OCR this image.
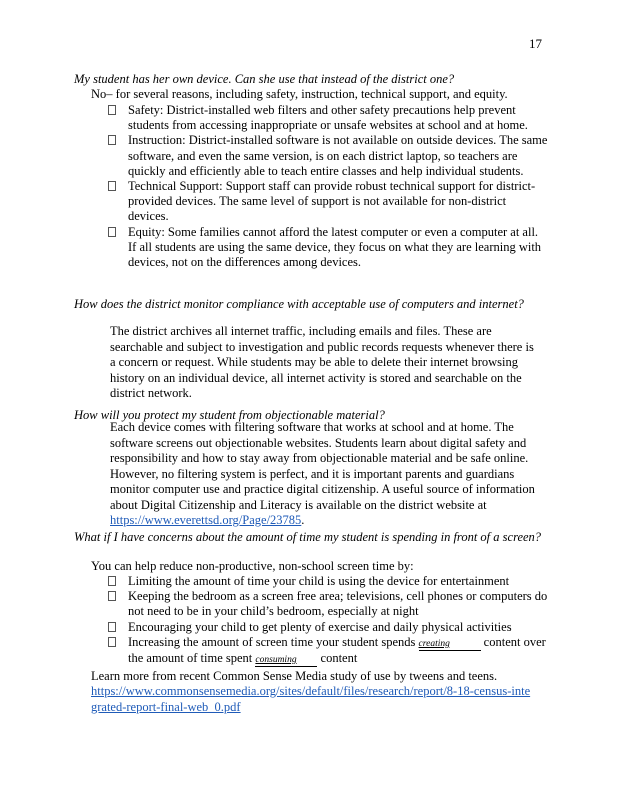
17
My student has her own device. Can she use that instead of the district one?
No– for several reasons, including safety, instruction, technical support, and equity.
Safety: District-installed web filters and other safety precautions help prevent students from accessing inappropriate or unsafe websites at school and at home.
Instruction: District-installed software is not available on outside devices. The same software, and even the same version, is on each district laptop, so teachers are quickly and efficiently able to teach entire classes and help individual students.
Technical Support: Support staff can provide robust technical support for district-provided devices. The same level of support is not available for non-district devices.
Equity: Some families cannot afford the latest computer or even a computer at all. If all students are using the same device, they focus on what they are learning with devices, not on the differences among devices.
How does the district monitor compliance with acceptable use of computers and internet?
The district archives all internet traffic, including emails and files. These are searchable and subject to investigation and public records requests whenever there is a concern or request. While students may be able to delete their internet browsing history on an individual device, all internet activity is stored and searchable on the district network.
How will you protect my student from objectionable material?
Each device comes with filtering software that works at school and at home. The software screens out objectionable websites. Students learn about digital safety and responsibility and how to stay away from objectionable material and be safe online. However, no filtering system is perfect, and it is important parents and guardians monitor computer use and practice digital citizenship. A useful source of information about Digital Citizenship and Literacy is available on the district website at https://www.everettsd.org/Page/23785.
What if I have concerns about the amount of time my student is spending in front of a screen?
You can help reduce non-productive, non-school screen time by:
Limiting the amount of time your child is using the device for entertainment
Keeping the bedroom as a screen free area; televisions, cell phones or computers do not need to be in your child’s bedroom, especially at night
Encouraging your child to get plenty of exercise and daily physical activities
Increasing the amount of screen time your student spends creating	content over the amount of time spent consuming content
Learn more from recent Common Sense Media study of use by tweens and teens.
https://www.commonsensemedia.org/sites/default/files/research/report/8-18-census-integrated-report-final-web_0.pdf
